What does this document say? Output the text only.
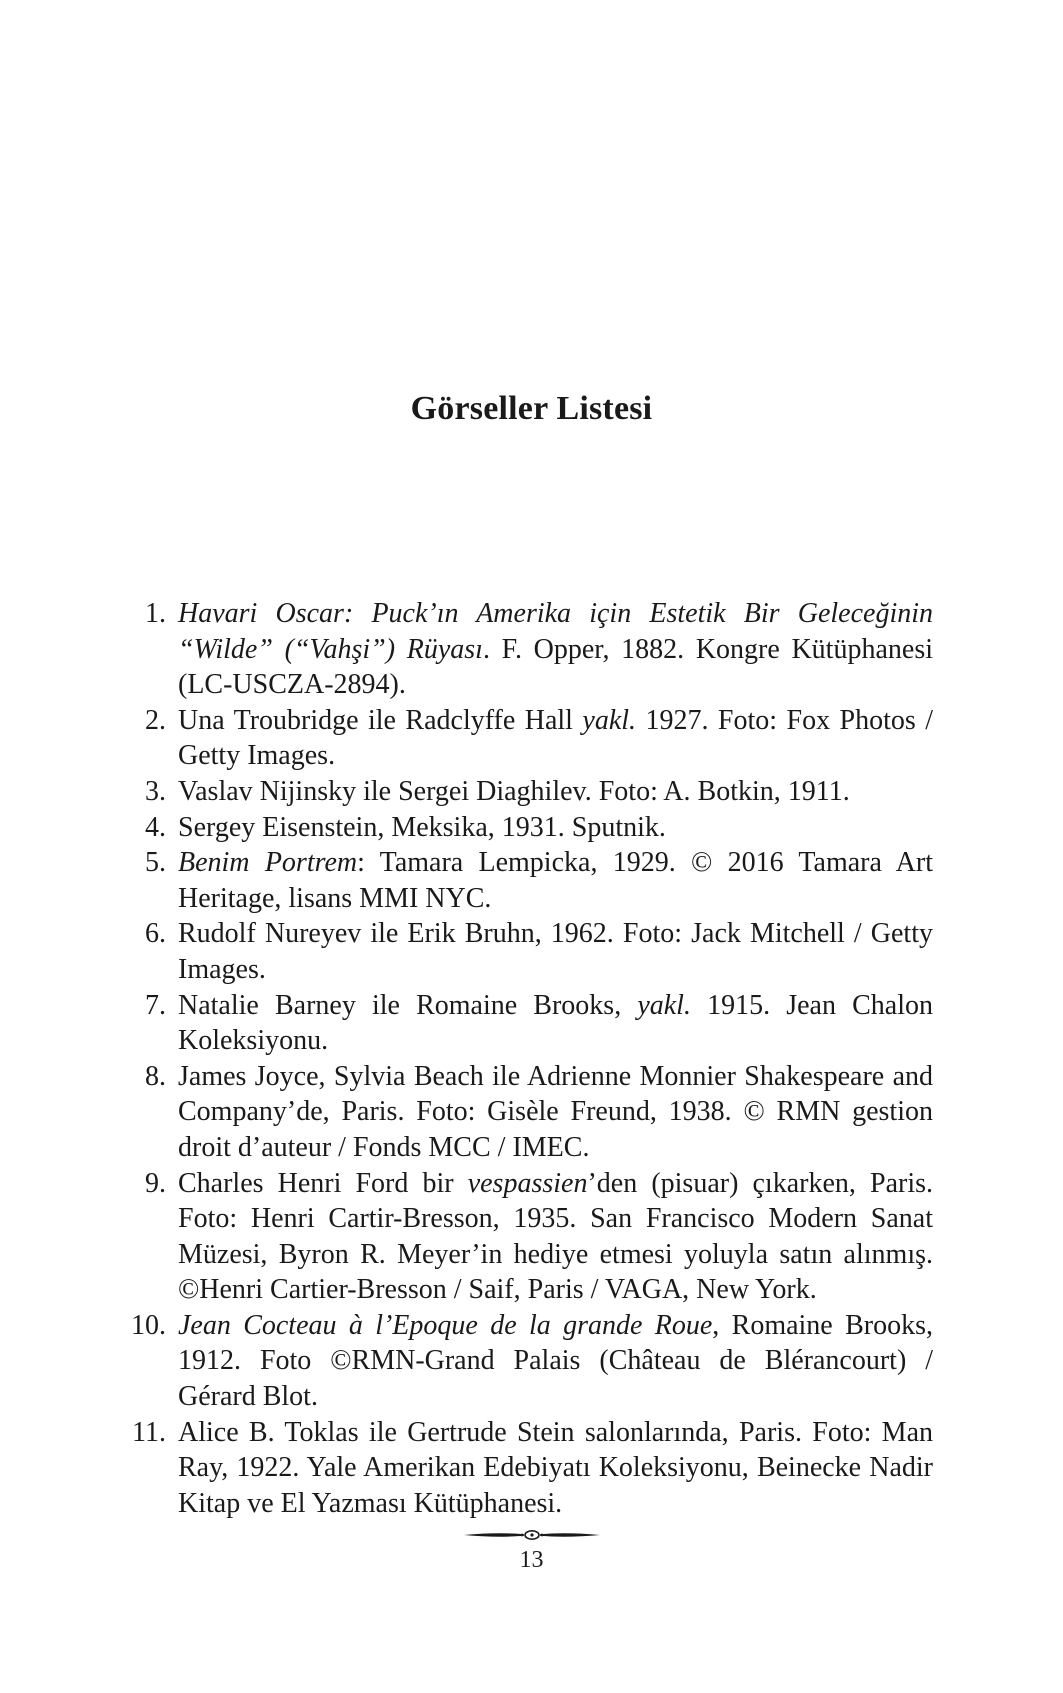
Görseller Listesi
1. Havari Oscar: Puck’ın Amerika için Estetik Bir Geleceğinin “Wilde” (“Vahşi”) Rüyası. F. Opper, 1882. Kongre Kütüphanesi (LC-USCZA-2894).
2. Una Troubridge ile Radclyffe Hall yakl. 1927. Foto: Fox Photos / Getty Images.
3. Vaslav Nijinsky ile Sergei Diaghilev. Foto: A. Botkin, 1911.
4. Sergey Eisenstein, Meksika, 1931. Sputnik.
5. Benim Portrem: Tamara Lempicka, 1929. © 2016 Tamara Art Heritage, lisans MMI NYC.
6. Rudolf Nureyev ile Erik Bruhn, 1962. Foto: Jack Mitchell / Getty Images.
7. Natalie Barney ile Romaine Brooks, yakl. 1915. Jean Chalon Koleksiyonu.
8. James Joyce, Sylvia Beach ile Adrienne Monnier Shakespeare and Company’de, Paris. Foto: Gisèle Freund, 1938. © RMN gestion droit d’auteur / Fonds MCC / IMEC.
9. Charles Henri Ford bir vespassien’den (pisuar) çıkarken, Paris. Foto: Henri Cartir-Bresson, 1935. San Francisco Modern Sanat Müzesi, Byron R. Meyer’in hediye etmesi yoluyla satın alınmış. ©Henri Cartier-Bresson / Saif, Paris / VAGA, New York.
10. Jean Cocteau à l’Epoque de la grande Roue, Romaine Brooks, 1912. Foto ©RMN-Grand Palais (Château de Blérancourt) / Gérard Blot.
11. Alice B. Toklas ile Gertrude Stein salonlarında, Paris. Foto: Man Ray, 1922. Yale Amerikan Edebiyatı Koleksiyonu, Beinecke Nadir Kitap ve El Yazması Kütüphanesi.
13
